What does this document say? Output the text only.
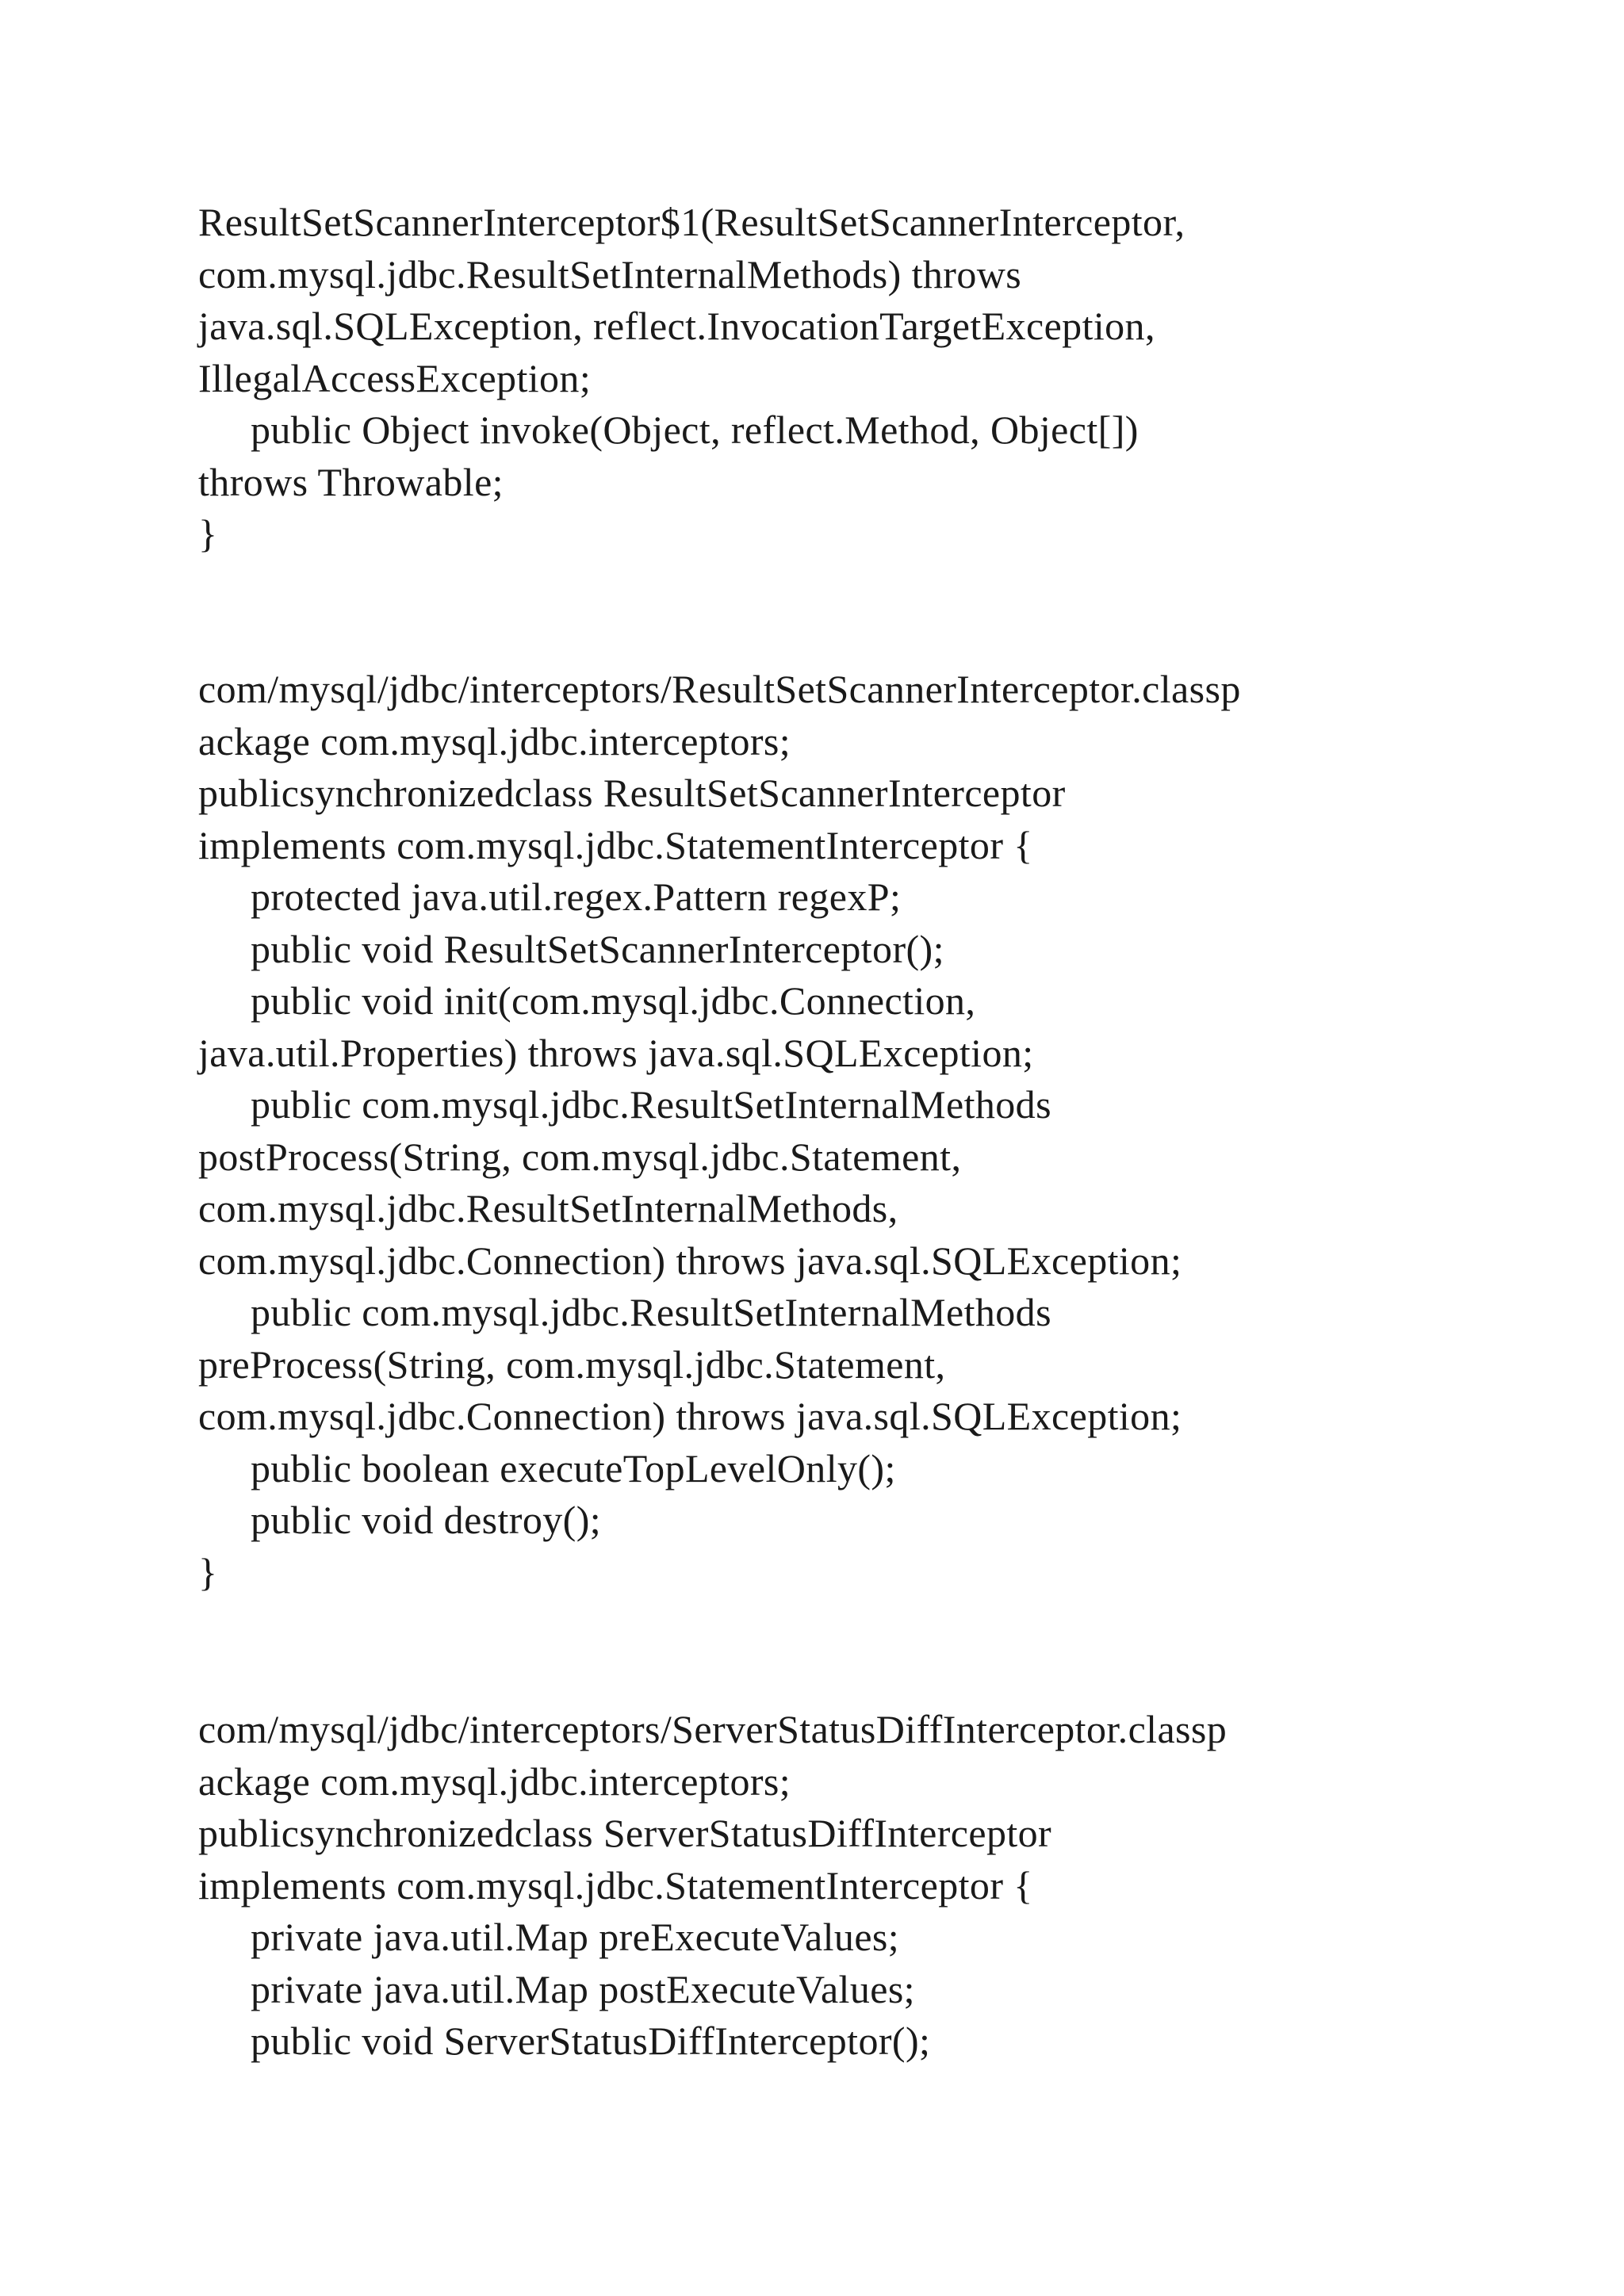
ResultSetScannerInterceptor$1(ResultSetScannerInterceptor,
com.mysql.jdbc.ResultSetInternalMethods) throws
java.sql.SQLException, reflect.InvocationTargetException,
IllegalAccessException;
public Object invoke(Object, reflect.Method, Object[])
throws Throwable;
}
com/mysql/jdbc/interceptors/ResultSetScannerInterceptor.classp
ackage com.mysql.jdbc.interceptors;
publicsynchronizedclass ResultSetScannerInterceptor
implements com.mysql.jdbc.StatementInterceptor {
protected java.util.regex.Pattern regexP;
public void ResultSetScannerInterceptor();
public void init(com.mysql.jdbc.Connection,
java.util.Properties) throws java.sql.SQLException;
public com.mysql.jdbc.ResultSetInternalMethods
postProcess(String, com.mysql.jdbc.Statement,
com.mysql.jdbc.ResultSetInternalMethods,
com.mysql.jdbc.Connection) throws java.sql.SQLException;
public com.mysql.jdbc.ResultSetInternalMethods
preProcess(String, com.mysql.jdbc.Statement,
com.mysql.jdbc.Connection) throws java.sql.SQLException;
public boolean executeTopLevelOnly();
public void destroy();
}
com/mysql/jdbc/interceptors/ServerStatusDiffInterceptor.classp
ackage com.mysql.jdbc.interceptors;
publicsynchronizedclass ServerStatusDiffInterceptor
implements com.mysql.jdbc.StatementInterceptor {
private java.util.Map preExecuteValues;
private java.util.Map postExecuteValues;
public void ServerStatusDiffInterceptor();
